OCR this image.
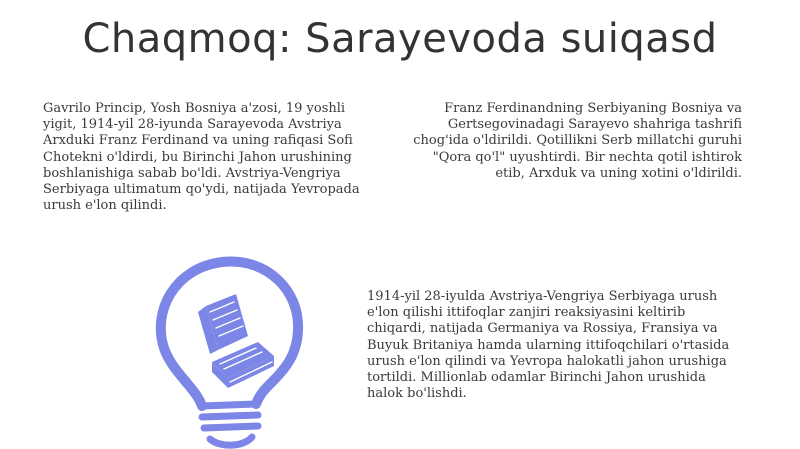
Chaqmoq: Sarayevoda suiqasd
Gavrilo Princip, Yosh Bosniya a'zosi, 19 yoshli yigit, 1914-yil 28-iyunda Sarayevoda Avstriya Arxduki Franz Ferdinand va uning rafiqasi Sofi Chotekni o'ldirdi, bu Birinchi Jahon urushining boshlanishiga sabab bo'ldi. Avstriya-Vengriya Serbiyaga ultimatum qo'ydi, natijada Yevropada urush e'lon qilindi.
Franz Ferdinandning Serbiyaning Bosniya va Gertsegovinadagi Sarayevo shahriga tashrifi chog'ida o'ldirildi. Qotillikni Serb millatchi guruhi "Qora qo'l" uyushtirdi. Bir nechta qotil ishtirok etib, Arxduk va uning xotini o'ldirildi.
1914-yil 28-iyulda Avstriya-Vengriya Serbiyaga urush e'lon qilishi ittifoqlar zanjiri reaksiyasini keltirib chiqardi, natijada Germaniya va Rossiya, Fransiya va Buyuk Britaniya hamda ularning ittifoqchilari o'rtasida urush e'lon qilindi va Yevropa halokatli jahon urushiga tortildi. Millionlab odamlar Birinchi Jahon urushida halok bo'lishdi.
